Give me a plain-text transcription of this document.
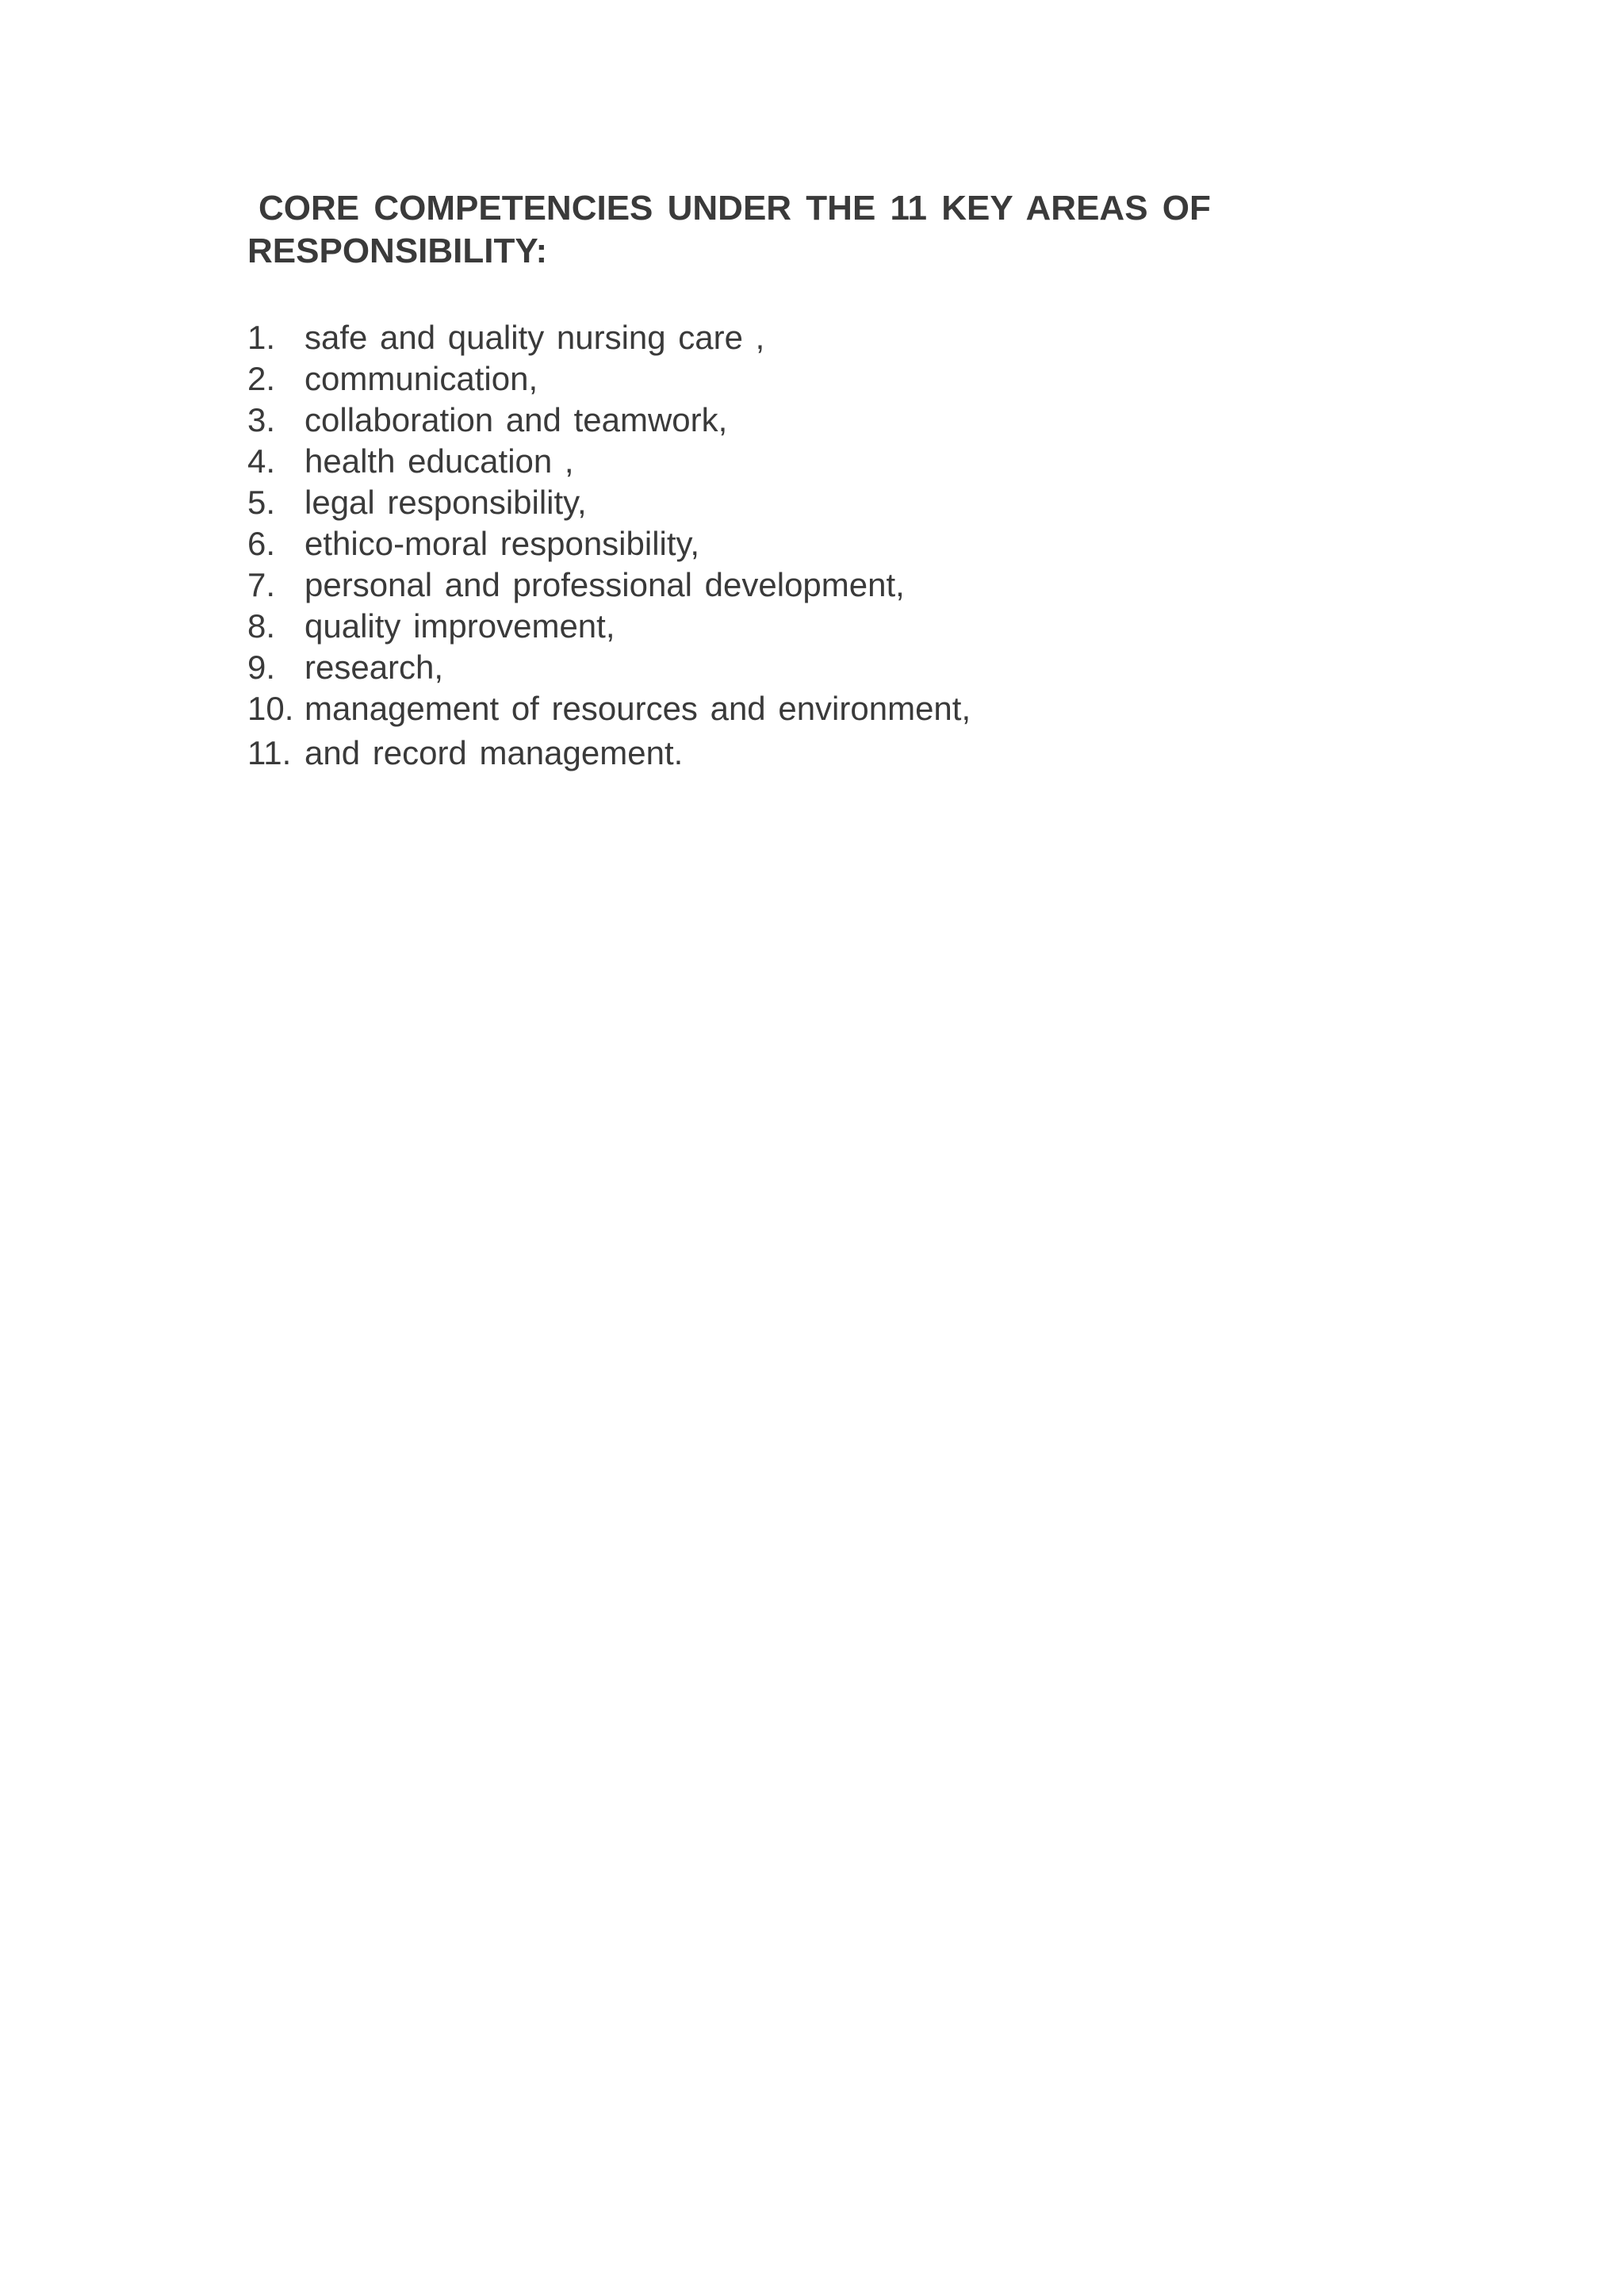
CORE COMPETENCIES UNDER THE 11 KEY AREAS OF
RESPONSIBILITY:
1. safe and quality nursing care ,
2. communication,
3. collaboration and teamwork,
4. health education ,
5. legal responsibility,
6. ethico-moral responsibility,
7. personal and professional development,
8. quality improvement,
9. research,
10. management of resources and environment,
11. and record management.
